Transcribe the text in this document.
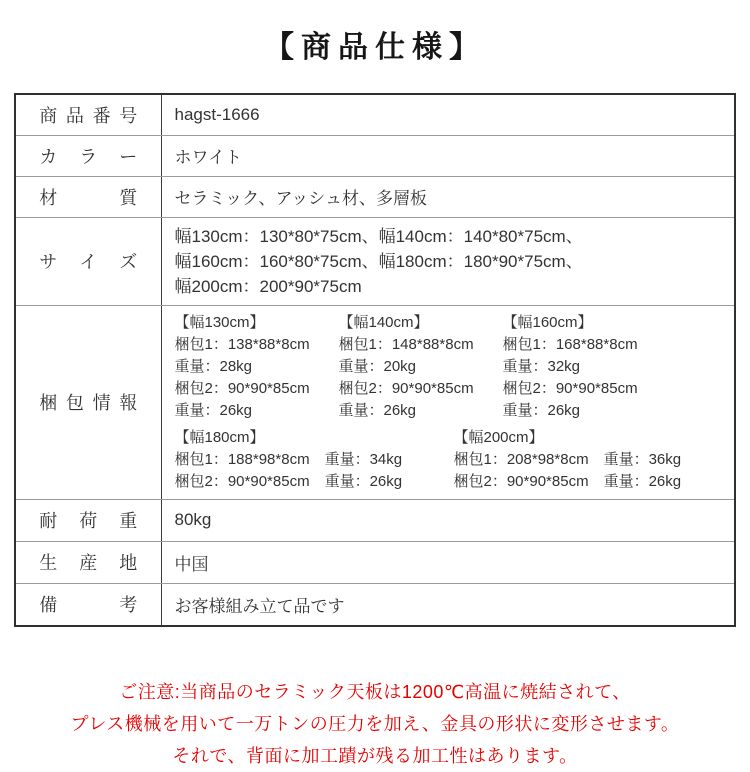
【商品仕様】
商 品 番 号	hagst-1666

カ ラ ー	ホワイト

材 質	セラミック、アッシュ材、多層板

サ イ ズ

幅130cm：130*80*75cm、幅140cm：140*80*75cm、
幅160cm：160*80*75cm、幅180cm：180*90*75cm、
幅200cm：200*90*75cm

梱 包 情 報

【幅130cm】
梱包1：138*88*8cm
重量：28kg
梱包2：90*90*85cm
重量：26kg
【幅140cm】
梱包1：148*88*8cm
重量：20kg
梱包2：90*90*85cm
重量：26kg
【幅160cm】
梱包1：168*88*8cm
重量：32kg
梱包2：90*90*85cm
重量：26kg
【幅180cm】
梱包1：188*98*8cm　重量：34kg
梱包2：90*90*85cm　重量：26kg
【幅200cm】
梱包1：208*98*8cm　重量：36kg
梱包2：90*90*85cm　重量：26kg

耐 荷 重	80kg

生 産 地	中国

備 考	お客様組み立て品です

ご注意:当商品のセラミック天板は1200℃高温に焼結されて、

プレス機械を用いて一万トンの圧力を加え、金具の形状に変形させます。

それで、背面に加工蹟が残る加工性はあります。
